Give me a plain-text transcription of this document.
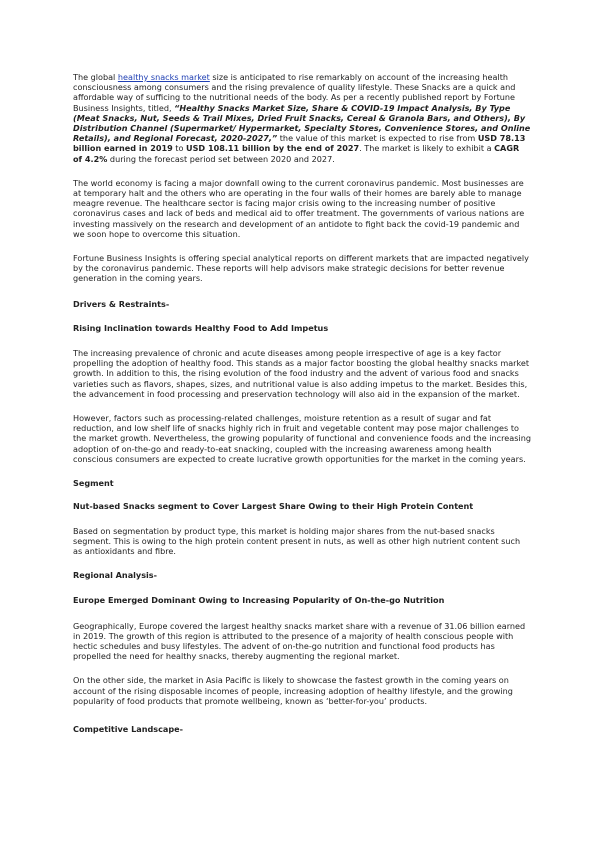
The global healthy snacks market size is anticipated to rise remarkably on account of the increasing health consciousness among consumers and the rising prevalence of quality lifestyle. These Snacks are a quick and affordable way of sufficing to the nutritional needs of the body. As per a recently published report by Fortune Business Insights, titled, “Healthy Snacks Market Size, Share & COVID-19 Impact Analysis, By Type (Meat Snacks, Nut, Seeds & Trail Mixes, Dried Fruit Snacks, Cereal & Granola Bars, and Others), By Distribution Channel (Supermarket/ Hypermarket, Specialty Stores, Convenience Stores, and Online Retails), and Regional Forecast, 2020-2027,” the value of this market is expected to rise from USD 78.13 billion earned in 2019 to USD 108.11 billion by the end of 2027. The market is likely to exhibit a CAGR of 4.2% during the forecast period set between 2020 and 2027.

The world economy is facing a major downfall owing to the current coronavirus pandemic. Most businesses are at temporary halt and the others who are operating in the four walls of their homes are barely able to manage meagre revenue. The healthcare sector is facing major crisis owing to the increasing number of positive coronavirus cases and lack of beds and medical aid to offer treatment. The governments of various nations are investing massively on the research and development of an antidote to fight back the covid-19 pandemic and we soon hope to overcome this situation.

Fortune Business Insights is offering special analytical reports on different markets that are impacted negatively by the coronavirus pandemic. These reports will help advisors make strategic decisions for better revenue generation in the coming years.

Drivers & Restraints-
Rising Inclination towards Healthy Food to Add Impetus

The increasing prevalence of chronic and acute diseases among people irrespective of age is a key factor propelling the adoption of healthy food. This stands as a major factor boosting the global healthy snacks market growth. In addition to this, the rising evolution of the food industry and the advent of various food and snacks varieties such as flavors, shapes, sizes, and nutritional value is also adding impetus to the market. Besides this, the advancement in food processing and preservation technology will also aid in the expansion of the market.

However, factors such as processing-related challenges, moisture retention as a result of sugar and fat reduction, and low shelf life of snacks highly rich in fruit and vegetable content may pose major challenges to the market growth. Nevertheless, the growing popularity of functional and convenience foods and the increasing adoption of on-the-go and ready-to-eat snacking, coupled with the increasing awareness among health conscious consumers are expected to create lucrative growth opportunities for the market in the coming years.

Segment
Nut-based Snacks segment to Cover Largest Share Owing to their High Protein Content

Based on segmentation by product type, this market is holding major shares from the nut-based snacks segment. This is owing to the high protein content present in nuts, as well as other high nutrient content such as antioxidants and fibre.

Regional Analysis-
Europe Emerged Dominant Owing to Increasing Popularity of On-the-go Nutrition

Geographically, Europe covered the largest healthy snacks market share with a revenue of 31.06 billion earned in 2019. The growth of this region is attributed to the presence of a majority of health conscious people with hectic schedules and busy lifestyles. The advent of on-the-go nutrition and functional food products has propelled the need for healthy snacks, thereby augmenting the regional market.

On the other side, the market in Asia Pacific is likely to showcase the fastest growth in the coming years on account of the rising disposable incomes of people, increasing adoption of healthy lifestyle, and the growing popularity of food products that promote wellbeing, known as ‘better-for-you’ products.

Competitive Landscape-
